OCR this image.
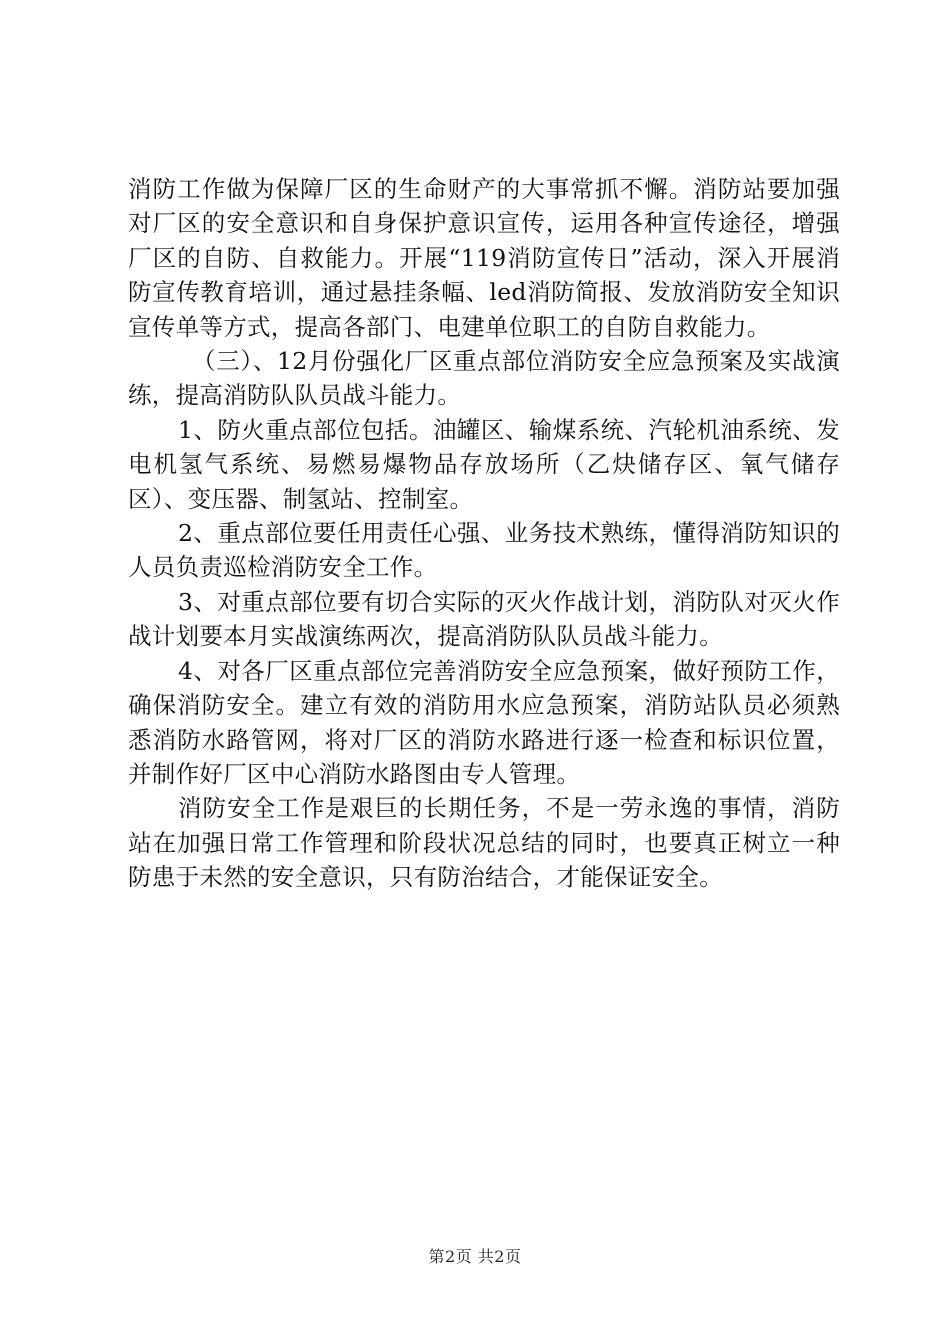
消防工作做为保障厂区的生命财产的大事常抓不懈。消防站要加强对厂区的安全意识和自身保护意识宣传，运用各种宣传途径，增强厂区的自防、自救能力。开展“119消防宣传日”活动，深入开展消防宣传教育培训，通过悬挂条幅、led消防简报、发放消防安全知识宣传单等方式，提高各部门、电建单位职工的自防自救能力。

（三）、12月份强化厂区重点部位消防安全应急预案及实战演练，提高消防队队员战斗能力。

1、防火重点部位包括。油罐区、输煤系统、汽轮机油系统、发电机氢气系统、易燃易爆物品存放场所（乙炔储存区、氧气储存区）、变压器、制氢站、控制室。

2、重点部位要任用责任心强、业务技术熟练，懂得消防知识的人员负责巡检消防安全工作。

3、对重点部位要有切合实际的灭火作战计划，消防队对灭火作战计划要本月实战演练两次，提高消防队队员战斗能力。

4、对各厂区重点部位完善消防安全应急预案，做好预防工作，确保消防安全。建立有效的消防用水应急预案，消防站队员必须熟悉消防水路管网，将对厂区的消防水路进行逐一检查和标识位置，并制作好厂区中心消防水路图由专人管理。

消防安全工作是艰巨的长期任务，不是一劳永逸的事情，消防站在加强日常工作管理和阶段状况总结的同时，也要真正树立一种防患于未然的安全意识，只有防治结合，才能保证安全。

第2页 共2页
